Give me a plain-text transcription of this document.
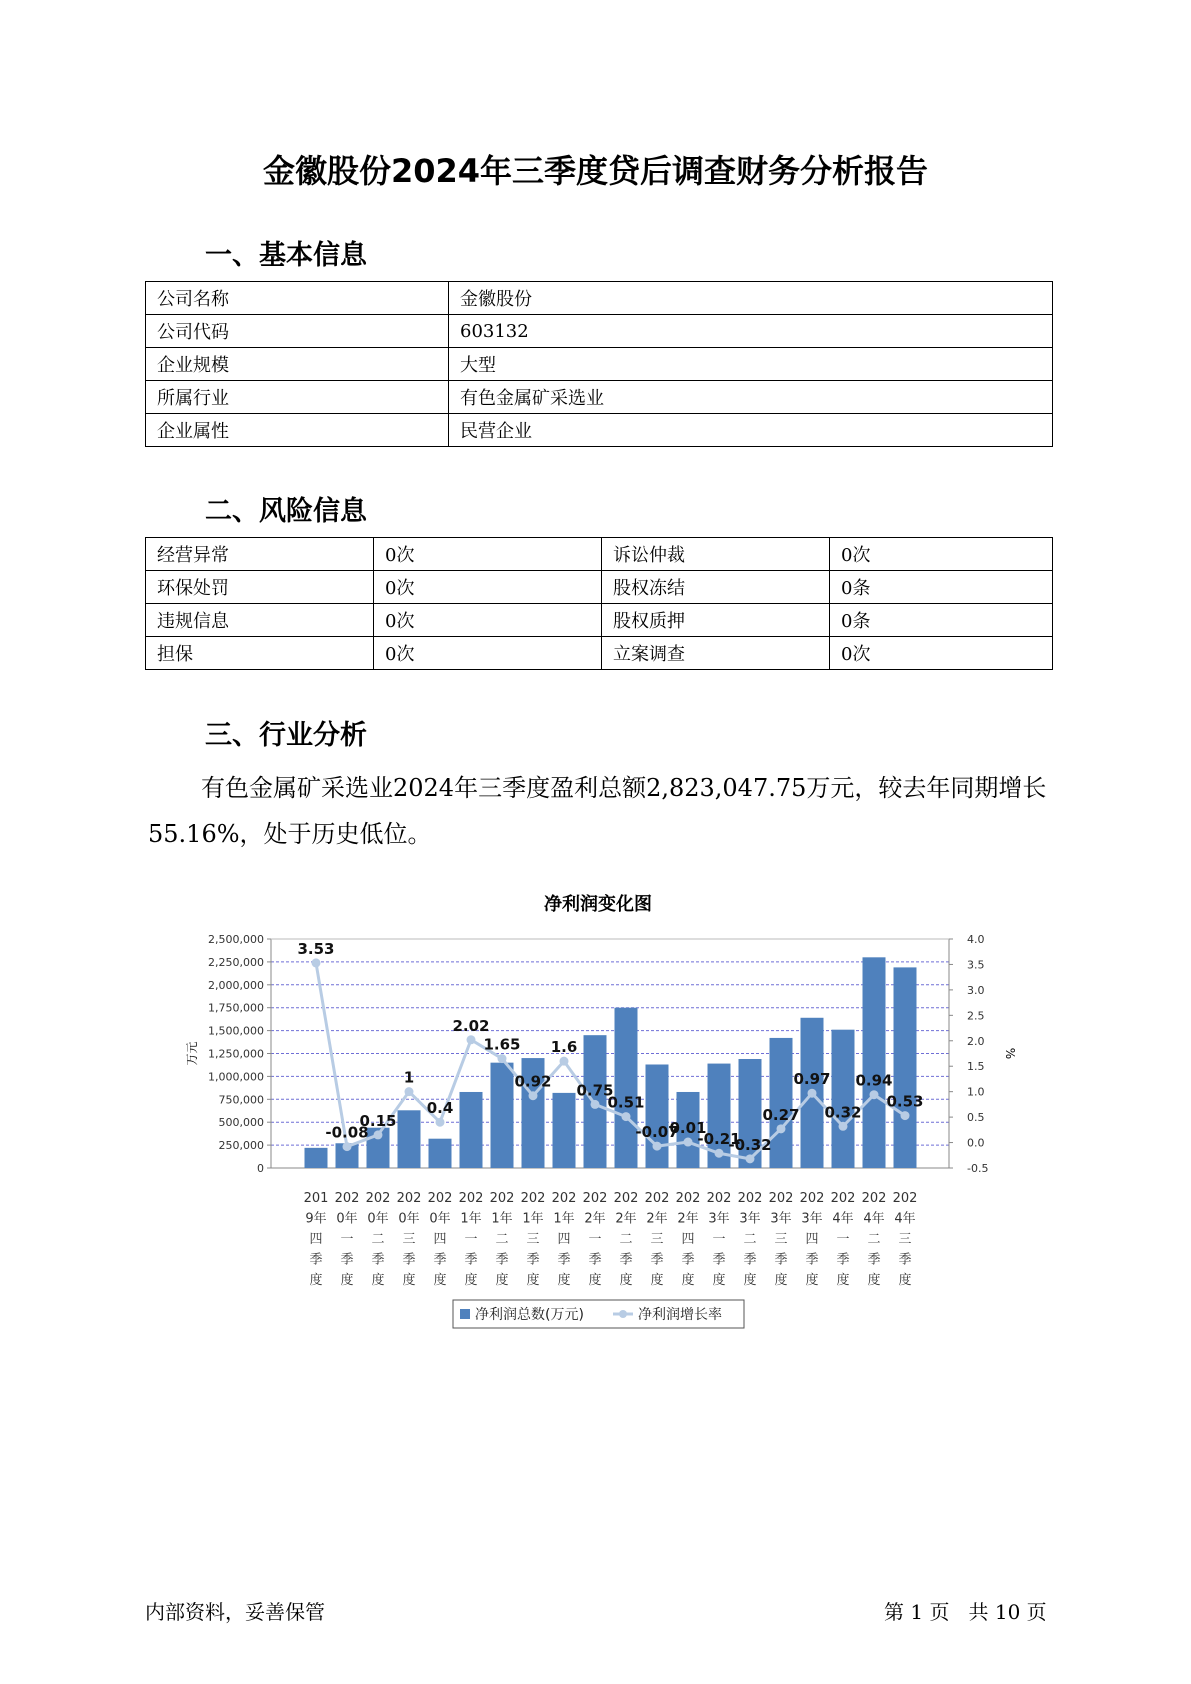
金徽股份2024年三季度贷后调查财务分析报告
一、基本信息
公司名称	金徽股份
公司代码	603132
企业规模	大型
所属行业	有色金属矿采选业
企业属性	民营企业
二、风险信息
经营异常	0次	诉讼仲裁	0次
环保处罚	0次	股权冻结	0条
违规信息	0次	股权质押	0条
担保	0次	立案调查	0次
三、行业分析
有色金属矿采选业2024年三季度盈利总额2,823,047.75万元，较去年同期增长55.16%，处于历史低位。
净利润变化图
0
250,000
500,000
750,000
1,000,000
1,250,000
1,500,000
1,750,000
2,000,000
2,250,000
2,500,000
-0.5
0.0
0.5
1.0
1.5
2.0
2.5
3.0
3.5
4.0
万元	%
3.53
-0.08
0.15
1
0.4
2.02
1.65
0.92
1.6
0.75
0.51
-0.07
0.01
-0.21
-0.32
0.27
0.97
0.32
0.94
0.53
201 9年四季度
202 0年一季度
202 0年二季度
202 0年三季度
202 0年四季度
202 1年一季度
202 1年二季度
202 1年三季度
202 1年四季度
202 2年一季度
202 2年二季度
202 2年三季度
202 2年四季度
202 3年一季度
202 3年二季度
202 3年三季度
202 3年四季度
202 4年一季度
202 4年二季度
202 4年三季度
净利润总数(万元)	净利润增长率
内部资料，妥善保管	第 1 页   共 10 页
